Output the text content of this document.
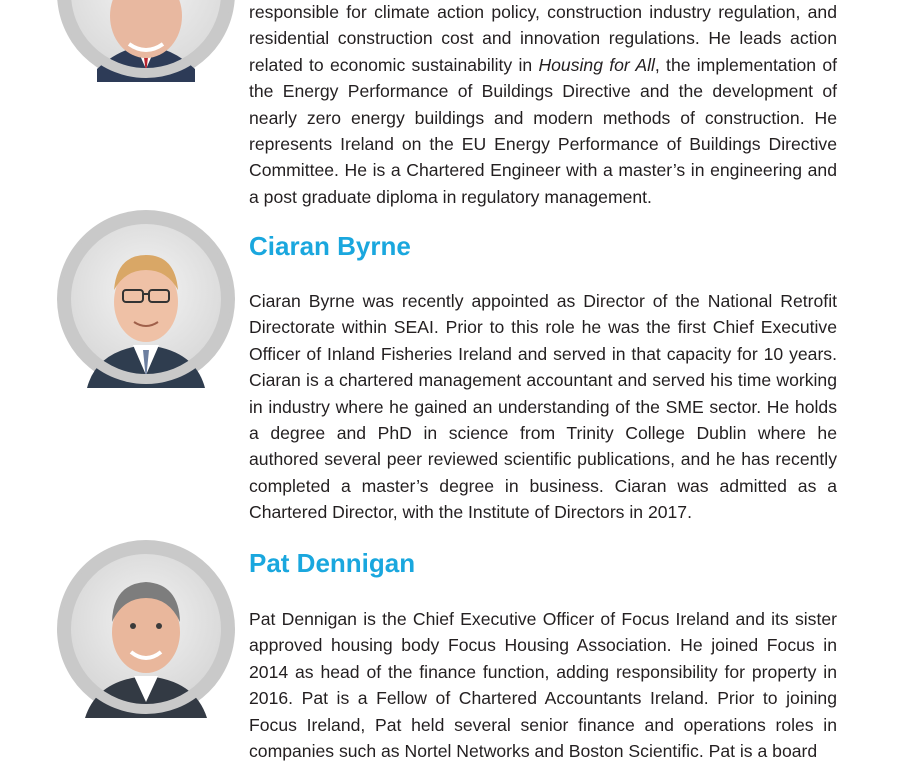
responsible for climate action policy, construction industry regulation, and residential construction cost and innovation regulations. He leads action related to economic sustainability in Housing for All, the implementation of the Energy Performance of Buildings Directive and the development of nearly zero energy buildings and modern methods of construction. He represents Ireland on the EU Energy Performance of Buildings Directive Committee. He is a Chartered Engineer with a master’s in engineering and a post graduate diploma in regulatory management.

Ciaran Byrne

Ciaran Byrne was recently appointed as Director of the National Retrofit Directorate within SEAI. Prior to this role he was the first Chief Executive Officer of Inland Fisheries Ireland and served in that capacity for 10 years. Ciaran is a chartered management accountant and served his time working in industry where he gained an understanding of the SME sector. He holds a degree and PhD in science from Trinity College Dublin where he authored several peer reviewed scientific publications, and he has recently completed a master’s degree in business. Ciaran was admitted as a Chartered Director, with the Institute of Directors in 2017.

Pat Dennigan

Pat Dennigan is the Chief Executive Officer of Focus Ireland and its sister approved housing body Focus Housing Association. He joined Focus in 2014 as head of the finance function, adding responsibility for property in 2016. Pat is a Fellow of Chartered Accountants Ireland. Prior to joining Focus Ireland, Pat held several senior finance and operations roles in companies such as Nortel Networks and Boston Scientific. Pat is a board
